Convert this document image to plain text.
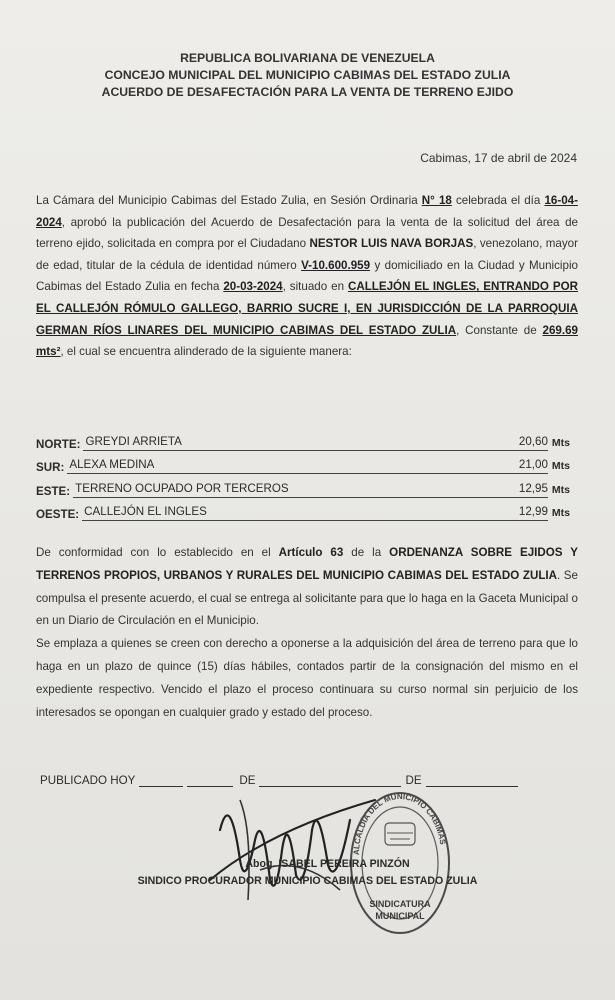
REPUBLICA BOLIVARIANA DE VENEZUELA
CONCEJO MUNICIPAL DEL MUNICIPIO CABIMAS DEL ESTADO ZULIA
ACUERDO DE DESAFECTACIÓN PARA LA VENTA DE TERRENO EJIDO
Cabimas, 17 de abril de 2024
La Cámara del Municipio Cabimas del Estado Zulia, en Sesión Ordinaria N° 18 celebrada el día 16-04-2024, aprobó la publicación del Acuerdo de Desafectación para la venta de la solicitud del área de terreno ejido, solicitada en compra por el Ciudadano NESTOR LUIS NAVA BORJAS, venezolano, mayor de edad, titular de la cédula de identidad número V-10.600.959 y domiciliado en la Ciudad y Municipio Cabimas del Estado Zulia en fecha 20-03-2024, situado en CALLEJÓN EL INGLES, ENTRANDO POR EL CALLEJÓN RÓMULO GALLEGO, BARRIO SUCRE I, EN JURISDICCIÓN DE LA PARROQUIA GERMAN RÍOS LINARES DEL MUNICIPIO CABIMAS DEL ESTADO ZULIA, Constante de 269.69 mts², el cual se encuentra alinderado de la siguiente manera:
NORTE: GREYDI ARRIETA	20,60 Mts
SUR: ALEXA MEDINA	21,00 Mts
ESTE: TERRENO OCUPADO POR TERCEROS	12,95 Mts
OESTE: CALLEJÓN EL INGLES	12,99 Mts
De conformidad con lo establecido en el Artículo 63 de la ORDENANZA SOBRE EJIDOS Y TERRENOS PROPIOS, URBANOS Y RURALES DEL MUNICIPIO CABIMAS DEL ESTADO ZULIA. Se compulsa el presente acuerdo, el cual se entrega al solicitante para que lo haga en la Gaceta Municipal o en un Diario de Circulación en el Municipio.
Se emplaza a quienes se creen con derecho a oponerse a la adquisición del área de terreno para que lo haga en un plazo de quince (15) días hábiles, contados partir de la consignación del mismo en el expediente respectivo. Vencido el plazo el proceso continuara su curso normal sin perjuicio de los interesados se opongan en cualquier grado y estado del proceso.
PUBLICADO HOY	DE	DE
ALCALDÍA DEL MUNICIPIO CABIMAS
SINDICATURA
MUNICIPAL
Abog. ISABEL PEREIRA PINZÓN
SINDICO PROCURADOR MUNICIPIO CABIMAS DEL ESTADO ZULIA
